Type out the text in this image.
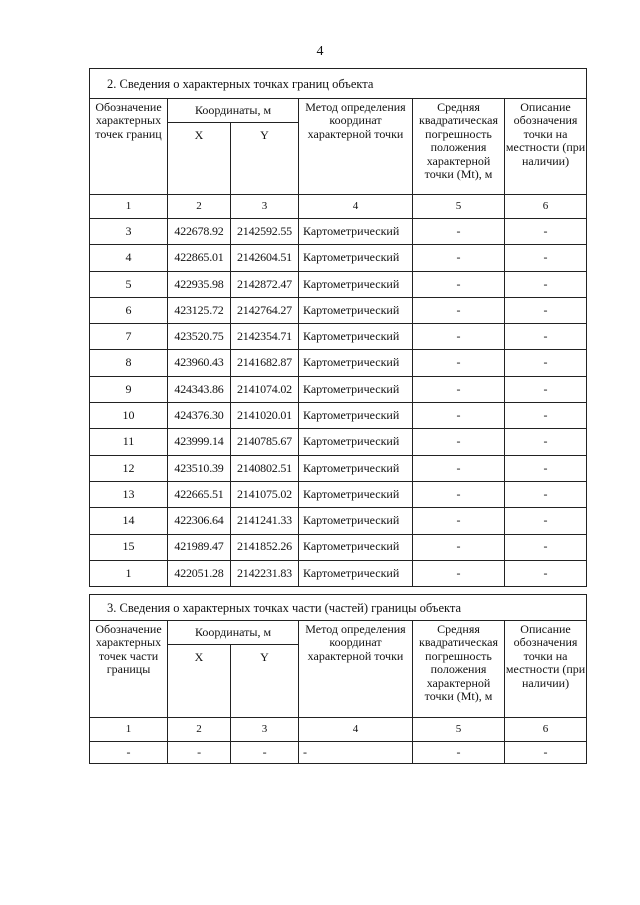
4
2. Сведения о характерных точках границ объекта					
Обозначение характерных точек границ	Координаты, м		Метод определения координат характерной точки	Средняя квадратическая погрешность положения характерной точки (Mt), м	Описание обозначения точки на местности (при наличии)
	X	Y			
1	2	3	4	5	6
3	422678.92	2142592.55	Картометрический	-	-
4	422865.01	2142604.51	Картометрический	-	-
5	422935.98	2142872.47	Картометрический	-	-
6	423125.72	2142764.27	Картометрический	-	-
7	423520.75	2142354.71	Картометрический	-	-
8	423960.43	2141682.87	Картометрический	-	-
9	424343.86	2141074.02	Картометрический	-	-
10	424376.30	2141020.01	Картометрический	-	-
11	423999.14	2140785.67	Картометрический	-	-
12	423510.39	2140802.51	Картометрический	-	-
13	422665.51	2141075.02	Картометрический	-	-
14	422306.64	2141241.33	Картометрический	-	-
15	421989.47	2141852.26	Картометрический	-	-
1	422051.28	2142231.83	Картометрический	-	-
3. Сведения о характерных точках части (частей) границы объекта					
Обозначение характерных точек части границы	Координаты, м		Метод определения координат характерной точки	Средняя квадратическая погрешность положения характерной точки (Mt), м	Описание обозначения точки на местности (при наличии)
	X	Y			
1	2	3	4	5	6
-	-	-	-	-	-
